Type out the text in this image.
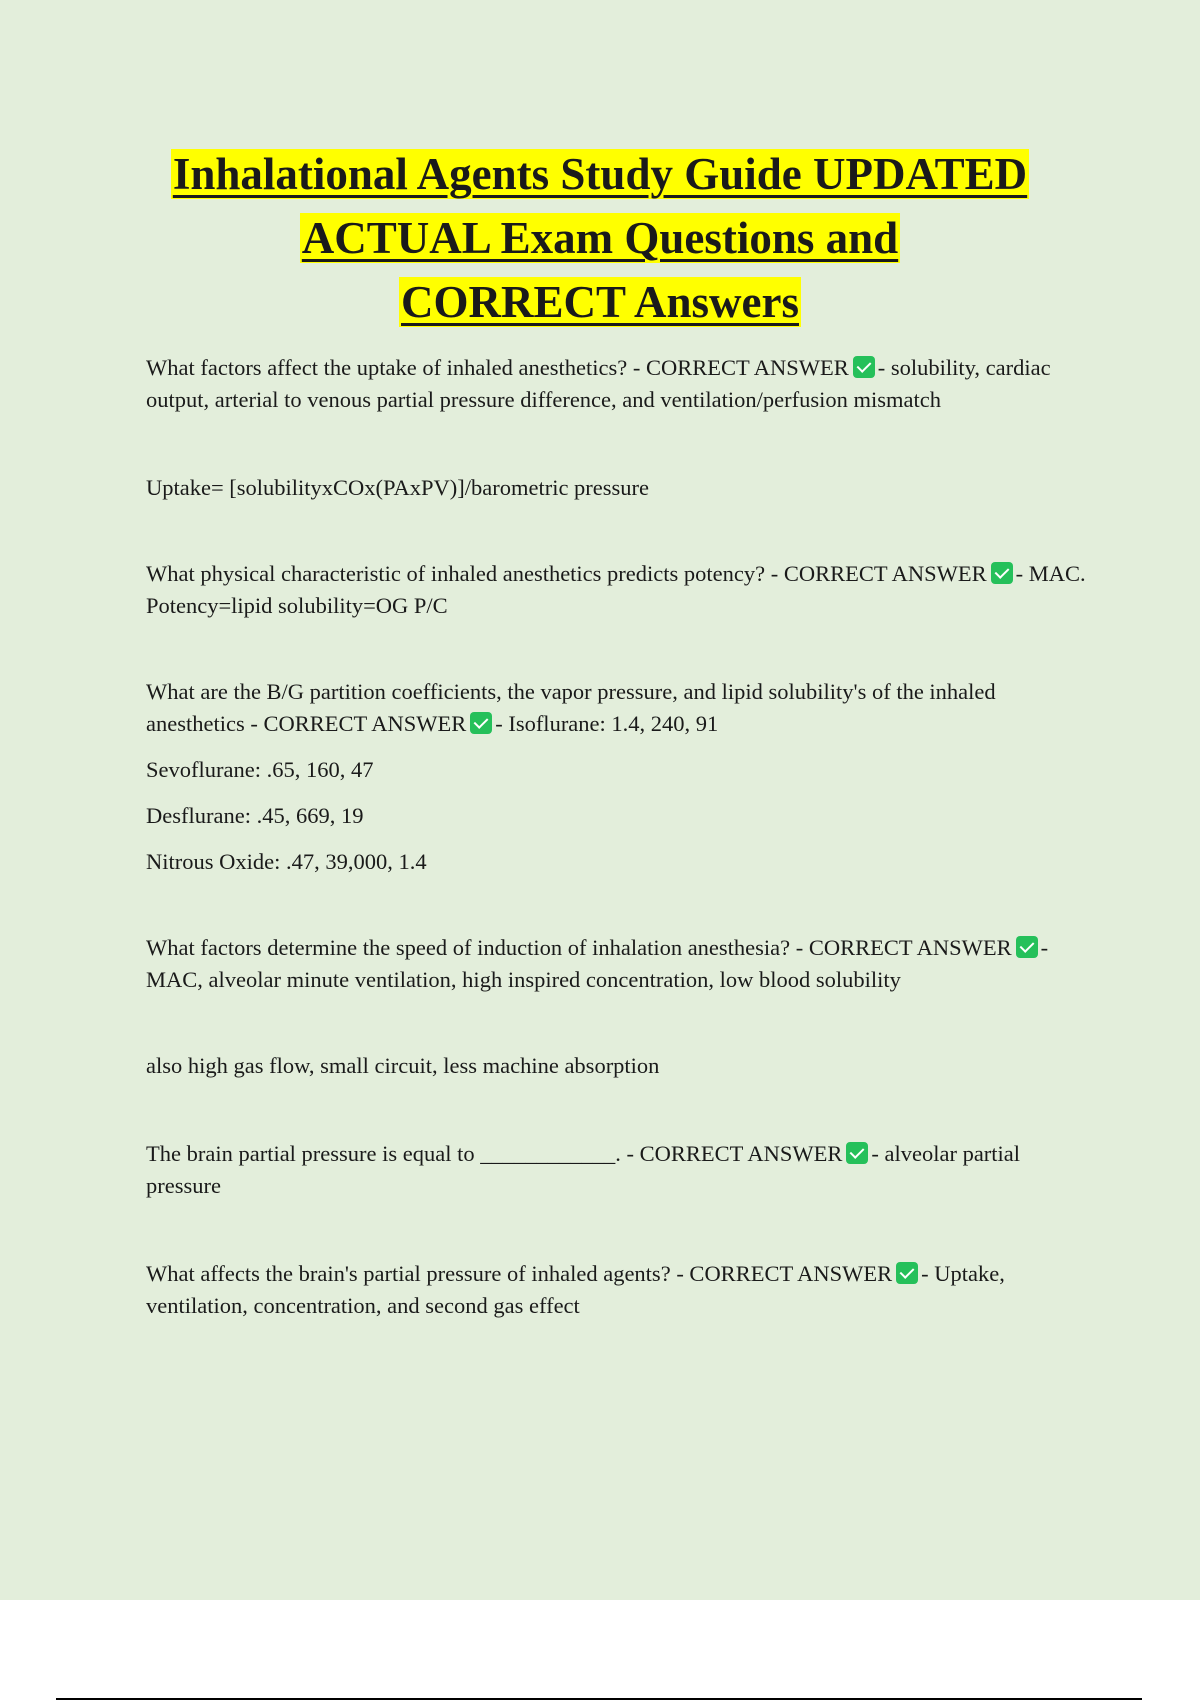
Inhalational Agents Study Guide UPDATED
ACTUAL Exam Questions and
CORRECT Answers

What factors affect the uptake of inhaled anesthetics? - CORRECT ANSWER - solubility, cardiac output, arterial to venous partial pressure difference, and ventilation/perfusion mismatch

Uptake= [solubilityxCOx(PAxPV)]/barometric pressure

What physical characteristic of inhaled anesthetics predicts potency? - CORRECT ANSWER - MAC. Potency=lipid solubility=OG P/C

What are the B/G partition coefficients, the vapor pressure, and lipid solubility's of the inhaled anesthetics - CORRECT ANSWER - Isoflurane: 1.4, 240, 91

Sevoflurane: .65, 160, 47

Desflurane: .45, 669, 19

Nitrous Oxide: .47, 39,000, 1.4

What factors determine the speed of induction of inhalation anesthesia? - CORRECT ANSWER - MAC, alveolar minute ventilation, high inspired concentration, low blood solubility

also high gas flow, small circuit, less machine absorption

The brain partial pressure is equal to ____________. - CORRECT ANSWER - alveolar partial pressure

What affects the brain's partial pressure of inhaled agents? - CORRECT ANSWER - Uptake, ventilation, concentration, and second gas effect
